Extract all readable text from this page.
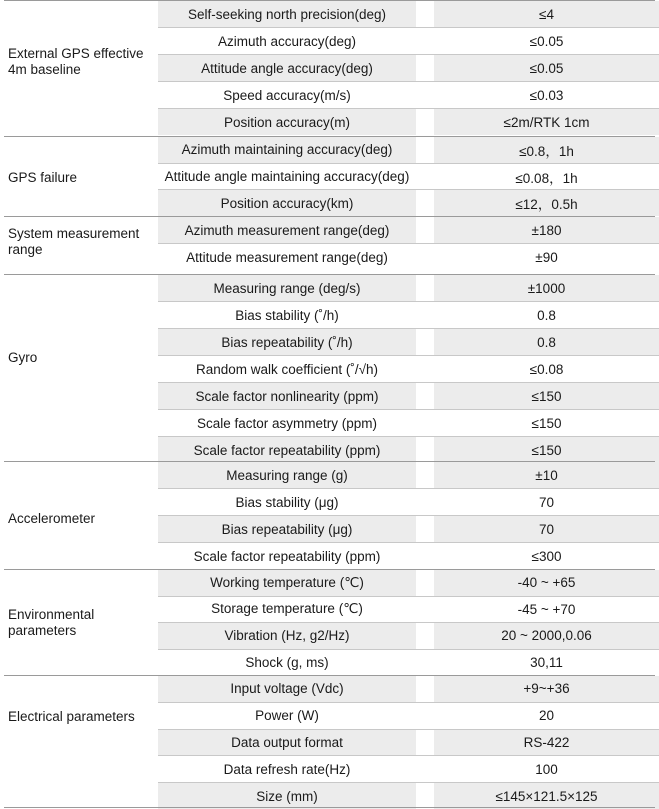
External GPS effective 4m baseline
Self-seeking north precision(deg)	≤4
Azimuth accuracy(deg)	≤0.05
Attitude angle accuracy(deg)	≤0.05
Speed accuracy(m/s)	≤0.03
Position accuracy(m)	≤2m/RTK 1cm
GPS failure
Azimuth maintaining accuracy(deg)	≤0.8，1h
Attitude angle maintaining accuracy(deg)	≤0.08，1h
Position accuracy(km)	≤12，0.5h
System measurement range
Azimuth measurement range(deg)	±180
Attitude measurement range(deg)	±90
Gyro
Measuring range (deg/s)	±1000
Bias stability (˚/h)	0.8
Bias repeatability (˚/h)	0.8
Random walk coefficient (˚/√h)	≤0.08
Scale factor nonlinearity (ppm)	≤150
Scale factor asymmetry (ppm)	≤150
Scale factor repeatability (ppm)	≤150
Accelerometer
Measuring range (g)	±10
Bias stability (μg)	70
Bias repeatability (μg)	70
Scale factor repeatability (ppm)	≤300
Environmental parameters
Working temperature (℃)	-40 ~ +65
Storage temperature (℃)	-45 ~ +70
Vibration (Hz, g2/Hz)	20 ~ 2000,0.06
Shock (g, ms)	30,11
Electrical parameters
Input voltage (Vdc)	+9~+36
Power (W)	20
Data output format	RS-422
Data refresh rate(Hz)	100
Size (mm)	≤145×121.5×125
